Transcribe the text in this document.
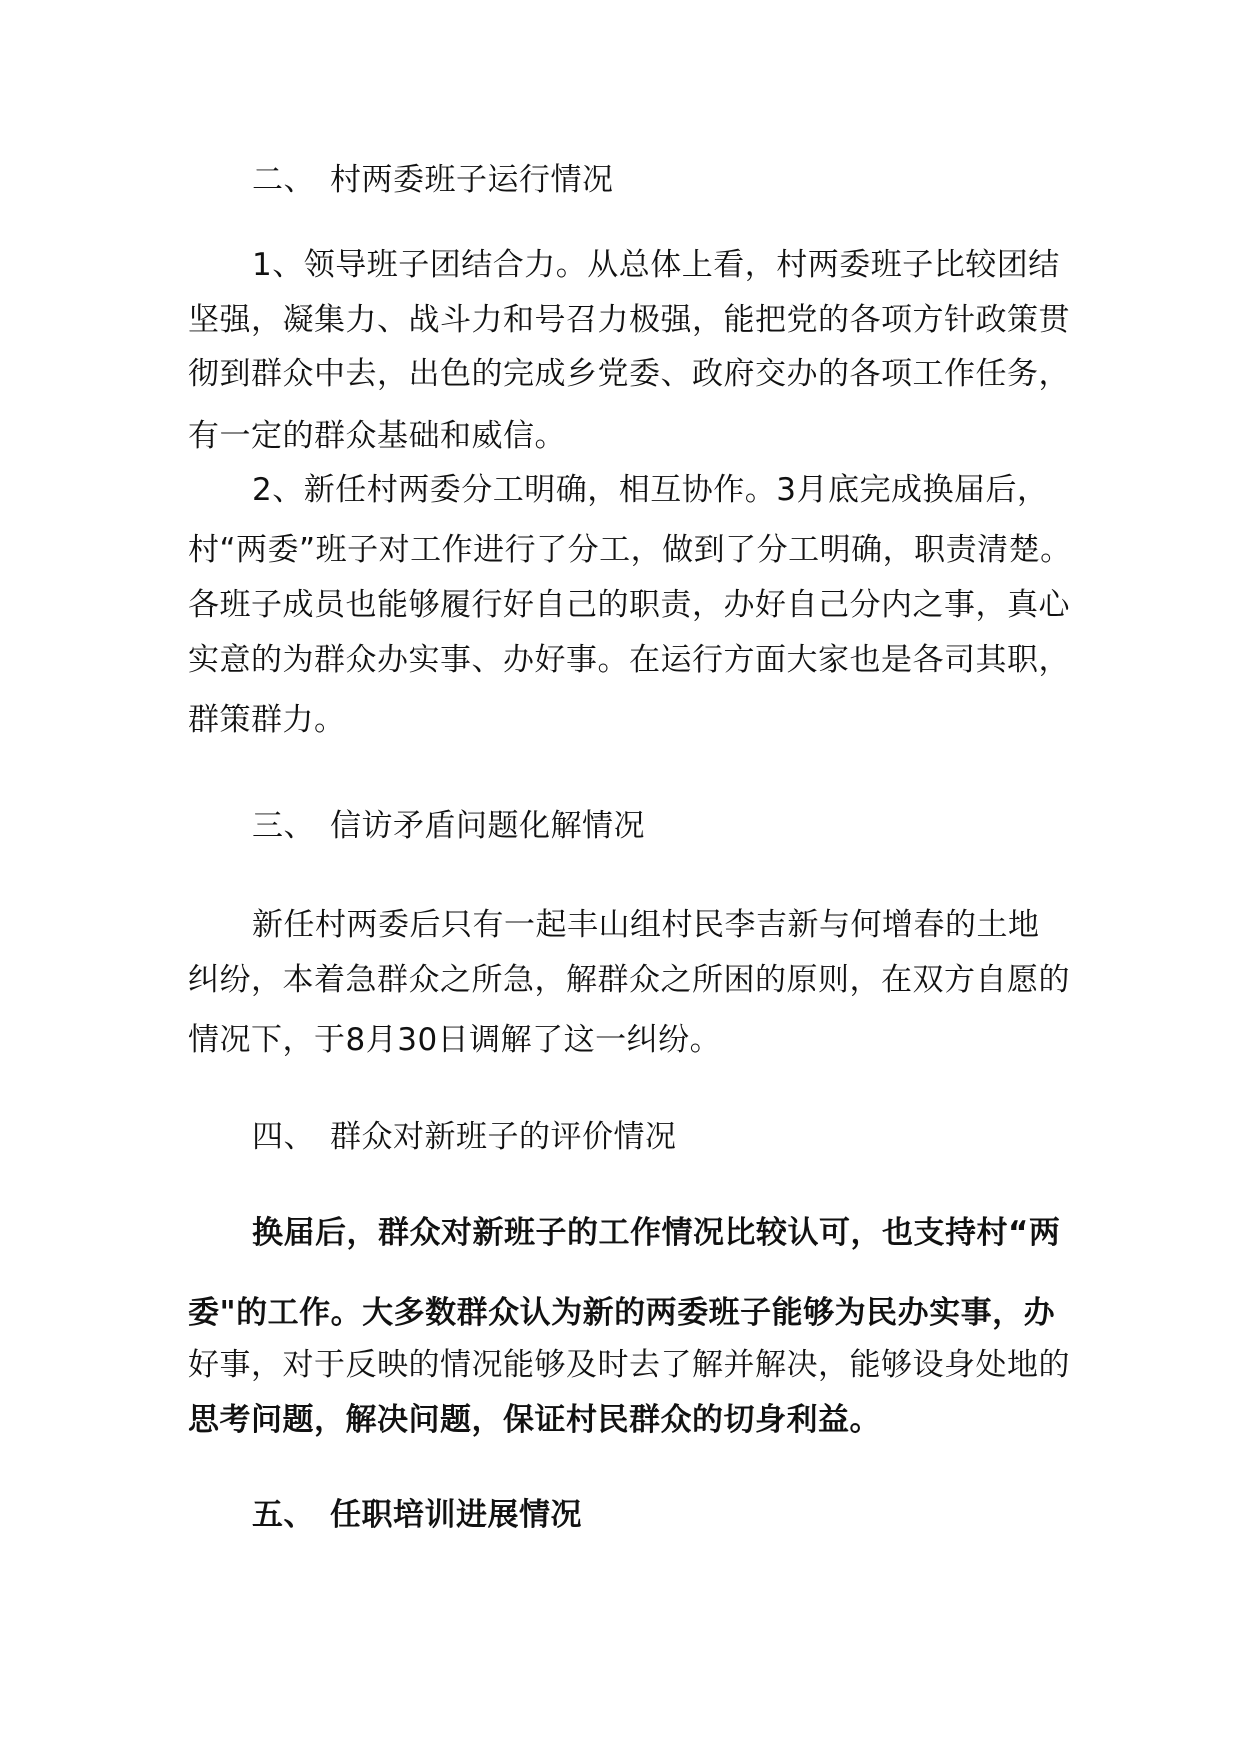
二、 村两委班子运行情况
1、领导班子团结合力。从总体上看，村两委班子比较团结
坚强，凝集力、战斗力和号召力极强，能把党的各项方针政策贯
彻到群众中去，出色的完成乡党委、政府交办的各项工作任务，
有一定的群众基础和威信。
2、新任村两委分工明确，相互协作。3月底完成换届后，
村“两委”班子对工作进行了分工，做到了分工明确，职责清楚。
各班子成员也能够履行好自己的职责，办好自己分内之事，真心
实意的为群众办实事、办好事。在运行方面大家也是各司其职，
群策群力。
三、 信访矛盾问题化解情况
新任村两委后只有一起丰山组村民李吉新与何增春的土地
纠纷，本着急群众之所急，解群众之所困的原则，在双方自愿的
情况下，于8月30日调解了这一纠纷。
四、 群众对新班子的评价情况
换届后，群众对新班子的工作情况比较认可，也支持村“两
委"的工作。大多数群众认为新的两委班子能够为民办实事，办
好事，对于反映的情况能够及时去了解并解决，能够设身处地的
思考问题，解决问题，保证村民群众的切身利益。
五、 任职培训进展情况
